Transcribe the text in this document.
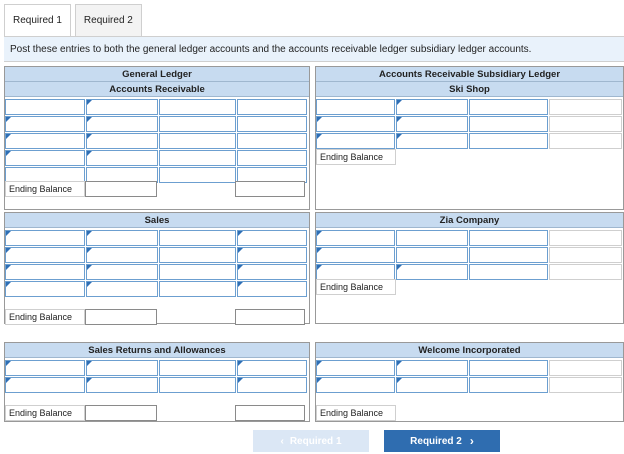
Required 1	Required 2
Post these entries to both the general ledger accounts and the accounts receivable ledger subsidiary ledger accounts.
General Ledger
Accounts Receivable
Ending Balance
Accounts Receivable Subsidiary Ledger
Ski Shop
Ending Balance
Sales
Ending Balance
Zia Company
Ending Balance
Sales Returns and Allowances
Ending Balance
Welcome Incorporated
Ending Balance
‹ Required 1	Required 2 ›
